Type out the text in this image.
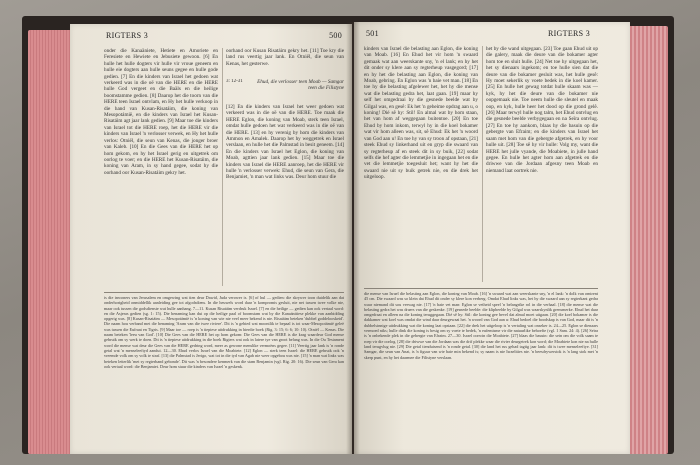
RIGTERS 3	500
onder die Kanaäniete, Hetiete en Amoriete en Feresiete en Hewiete en Jebusiete gewoon. [6] En hulle het hulle dogters vir hulle vir vroue geneem en hulle eie dogters aan hulle seuns gegee en hulle gode gedien. [7] En die kinders van Israel het gedoen wat verkeerd was in die oë van die HERE en die HERE hulle God vergeet en die Baäls en die heilige boomstamme gedien. [8] Daarop het die toorn van die HERE teen Israel ontvlam, en Hy het hulle verkoop in die hand van Kusan-Risatáim, die koning van Mesopotámië, en die kinders van Israel het Kusan-Risatáim agt jaar lank gedien. [9] Maar toe die kinders van Israel tot die HERE roep, het die HERE vir die kinders van Israel 'n verlosser verwek, en Hy het hulle verlos: Otniël, die seun van Kenas, die jonger broer van Kaleb. [10] En die Gees van die HERE het op hom gekom, en hy het Israel gerig en uitgetrek om oorlog te voer; en die HERE het Kusan-Risatáim, die koning van Aram, in sy hand gegee, sodat hy die oorhand oor Kusan-Risatáim gekry het.
oorhand oor Kusan Risatáim gekry het. [11] Toe kry die land rus veertig jaar lank. En Otniël, die seun van Kenas, het gesterwe.
3: 12-31	Ehud, die verlosser teen Moab — Samgar teen die Filistyne
[12] En die kinders van Israel het weer gedoen wat verkeerd was in die oë van die HERE. Toe maak die HERE Eglon, die koning van Moab, sterk teen Israel, omdat hulle gedoen het wat verkeerd was in die oë van die HERE. [13] en hy verenig by hom die kinders van Ammon en Amalek. Daarop het hy weggetrek en Israel verslaan, en hulle het die Palmstad in besit geneem. [14] En die kinders van Israel het Eglon, die koning van Moab, agttien jaar lank gedien. [15] Maar toe die kinders van Israel die HERE aanroep, het die HERE vir hulle 'n verlosser verwek: Ehud, die seun van Gera, die Benjamiet, 'n man wat links was. Deur hom stuur die
is die inwoners van Jerusalem en omgewing wat tien deur Dawid, Juda verower is. [6] of hul — gedien: die skrywer toon duidelik aan dat onderhorigheid onmiddellik aanleiding gee tot afgodsdiens. In die heuwels word daar 'n kompromis gesluit, nie net tussen twee volke nie, maar ook tussen die godsdienste wat hulle aanhang. 7—11. Kusan Risatáim verdruk Israel. [7] en die heilige — gedien kan ook vertaal word: en die Asjeras gedien (sg. 1: 15). Die benaming kan dui op die heilige paal of boomstam wat by die Kanaänitiese plekke van aanbidding opgerig was. [8] Kusan-Risatáim — Mesopotámië is 'n koning van wie nie veel meer bekend is nie. Risatáim beteken 'dubbel goddelooskeid'. Die naam hou verband met die benaming 'Aram van die twee riviere'. Dit is 'n gebied wat moontlik te bepaal is tot waar-Mesopotámië geleë was tussen die Eufraat en Tigris. [9] Maar toe — roep is 'n tiepiese uitdrukking in hierdie boek (Rig. 3: 15; 6: 6; 10: 10). Otniël — Kenas. Die naam beteken 'leeu van God'. [10] Die Gees van die HERE het op hom gekom: Die Gees van die HERE is die krag waardeur God mense gebruik om sy werk te doen. Dit is 'n tiepiese uitdrukking in die boek Rigters wat ook in latere tye van groot belang was. In die Ou Testament word die mense wat deur die Gees van die HERE gedring word, meer as gewone menslike vermoëns gegee. [11] Veertig jaar lank is 'n ronde getal wat 'n menseleeftyd aandui. 12—30. Ehud verlos Israel van die Moabiete. [12] Eglon — sterk teen Israel: die HERE gebruik ook 'n vreemde volk om sy volk te straf. [13] die Palmstad is Jerigo, wat tot in die tyd van Agab nie weer opgebou was nie. [15] 'n man wat links was beteken letterlik 'met sy regterhand gebonde'. Dit was 'n besondere kenmerk van die stam Benjamin (vgl. Rig. 20: 16). Die seun van Gera kan ook vertaal word: die Benjamiet. Deur hom stuur die kinders van Israel 'n geskenk.
501	RIGTERS 3
kinders van Israel die belasting aan Eglon, die koning van Moab. [16] En Ehud het vir hom 'n swaard gemaak wat aan weerskante sny, 'n el lank; en hy het dit onder sy klere aan sy regterheup vasgegord; [17] en hy het die belasting aan Eglon, die koning van Moab, gebring. En Eglon was 'n baie vet man. [18] En toe hy die belasting afgelewer het, het hy die mense wat die belasting gedra het, laat gaan. [19] maar hy self het omgedraai by die gesnede beelde wat by Gilgal was, en gesê: Ek het 'n geheime opdrag aan u, o koning! Dié sê hy: Stil! En almal wat by hom staan, het van hom af weggegaan buitentoe. [20] En toe Ehud by hom inkom, terwyl hy in die koel bokamer wat vir hom alleen was, sit, sê Ehud: Ek het 'n woord van God aan u! En toe hy van sy troon af opstaan, [21] steek Ehud sy linkerhand uit en gryp die swaard van sy regterheup af en steek dit in sy buik, [22] sodat selfs die hef agter die lemmetjie in ingegaan het en die vet die lemmetjie toegesluit het; want hy het die swaard nie uit sy buik getrek nie, en die drek het uitgeloop.
het by die wand uitgegaan. [23] Toe gaan Ehud uit op die galery, maak die deure van die bokamer agter hom toe en sluit hulle. [24] Net toe hy uitgegaan het, het sy dienaars ingekom; en toe hulle sien dat die deure van die bokamer gesluit was, het hulle gesê: Hy moet sekerlik sy voete bedek in die koel kamer. [25] En hulle het gewag totdat hulle skaam was — kyk, hy het die deure van die bokamer nie oopgemaak nie. Toe neem hulle die sleutel en maak oop, en kyk, hulle heer het dood op die grond gelê. [26] Maar terwyl hulle nog talm, het Ehud ontvlug en die gesnede beelde verbygegaan en na Seïra ontvlug. [27] En toe hy aankom, blaas hy die basuin op die gebergte van Efraim; en die kinders van Israel het saam met hom van die gebergte afgetrek, en hy voor hulle uit. [28] Toe sê hy vir hulle: Volg my, want die HERE het julle vyande, die Moabiete, in julle hand gegee. En hulle het agter hom aan afgetrek en die driwwe van die Jordaan afgesny teen Moab en niemand laat oortrek nie.
die mense van Israel die belasting aan Eglon, die koning van Moab. [16] 'n swaard wat aan weerskante sny, 'n el lank: 'n dolk van omtrent 45 cm. Die swaard was so klein dat Ehud dit onder sy klere kon verberg. Omdat Ehud links was, het hy die swaard aan sy regterkant gedra waar niemand dit sou verwag nie. [17] 'n baie vet man: Eglon se vetheid speel 'n belangrike rol in die verhaal. [18] die mense wat die belasting gedra het was draers van die geskenke. [19] gesnede beelde: die klipbeelde by Gilgal was waarskynlik grensmerke. Ehud het daar omgedraai en alleen na die koning teruggegaan. Dié sê hy: Stil: die koning gee bevel dat almal moet uitgaan. [20] die koel bokamer is die dakkamer wat koel was omdat die wind daar deurgewaai het. 'n woord van God aan u: Ehud bedoel die boodskap is van God, maar dit is 'n dubbelsinnige uitdrukking wat die koning laat opstaan. [22] die drek het uitgeloop is 'n vertaling wat onseker is. 24—25. Eglon se dienaars vermoed niks; hulle dink die koning is besig om sy voete te bedek, 'n eufemisme vir die natuurlike behoefte (vgl. 1 Sam. 24: 4). [26] Seïra is 'n onbekende plek in die gebergte van Efraim. 27—30. Israel oorwin die Moabiete. [27] blaas die basuin: die sein om die volk saam te roep vir die oorlog. [28] die driwwe van die Jordaan was die drif plekke waar die rivier deurgetrek kon word; die Moabiete kon nie na hulle land terugvlug nie. [29] Die getal tienduisend is 'n ronde getal. [30] die land het rus gehad tagtig jaar lank: dit is twee menseleeftye. [31] Samgar, die seun van Anat, is 'n figuur van wie baie min bekend is; sy naam is nie Israelities nie. 'n beesdrywerstok is 'n lang stok met 'n skerp punt, en hy het daarmee die Filistyne verslaan.
